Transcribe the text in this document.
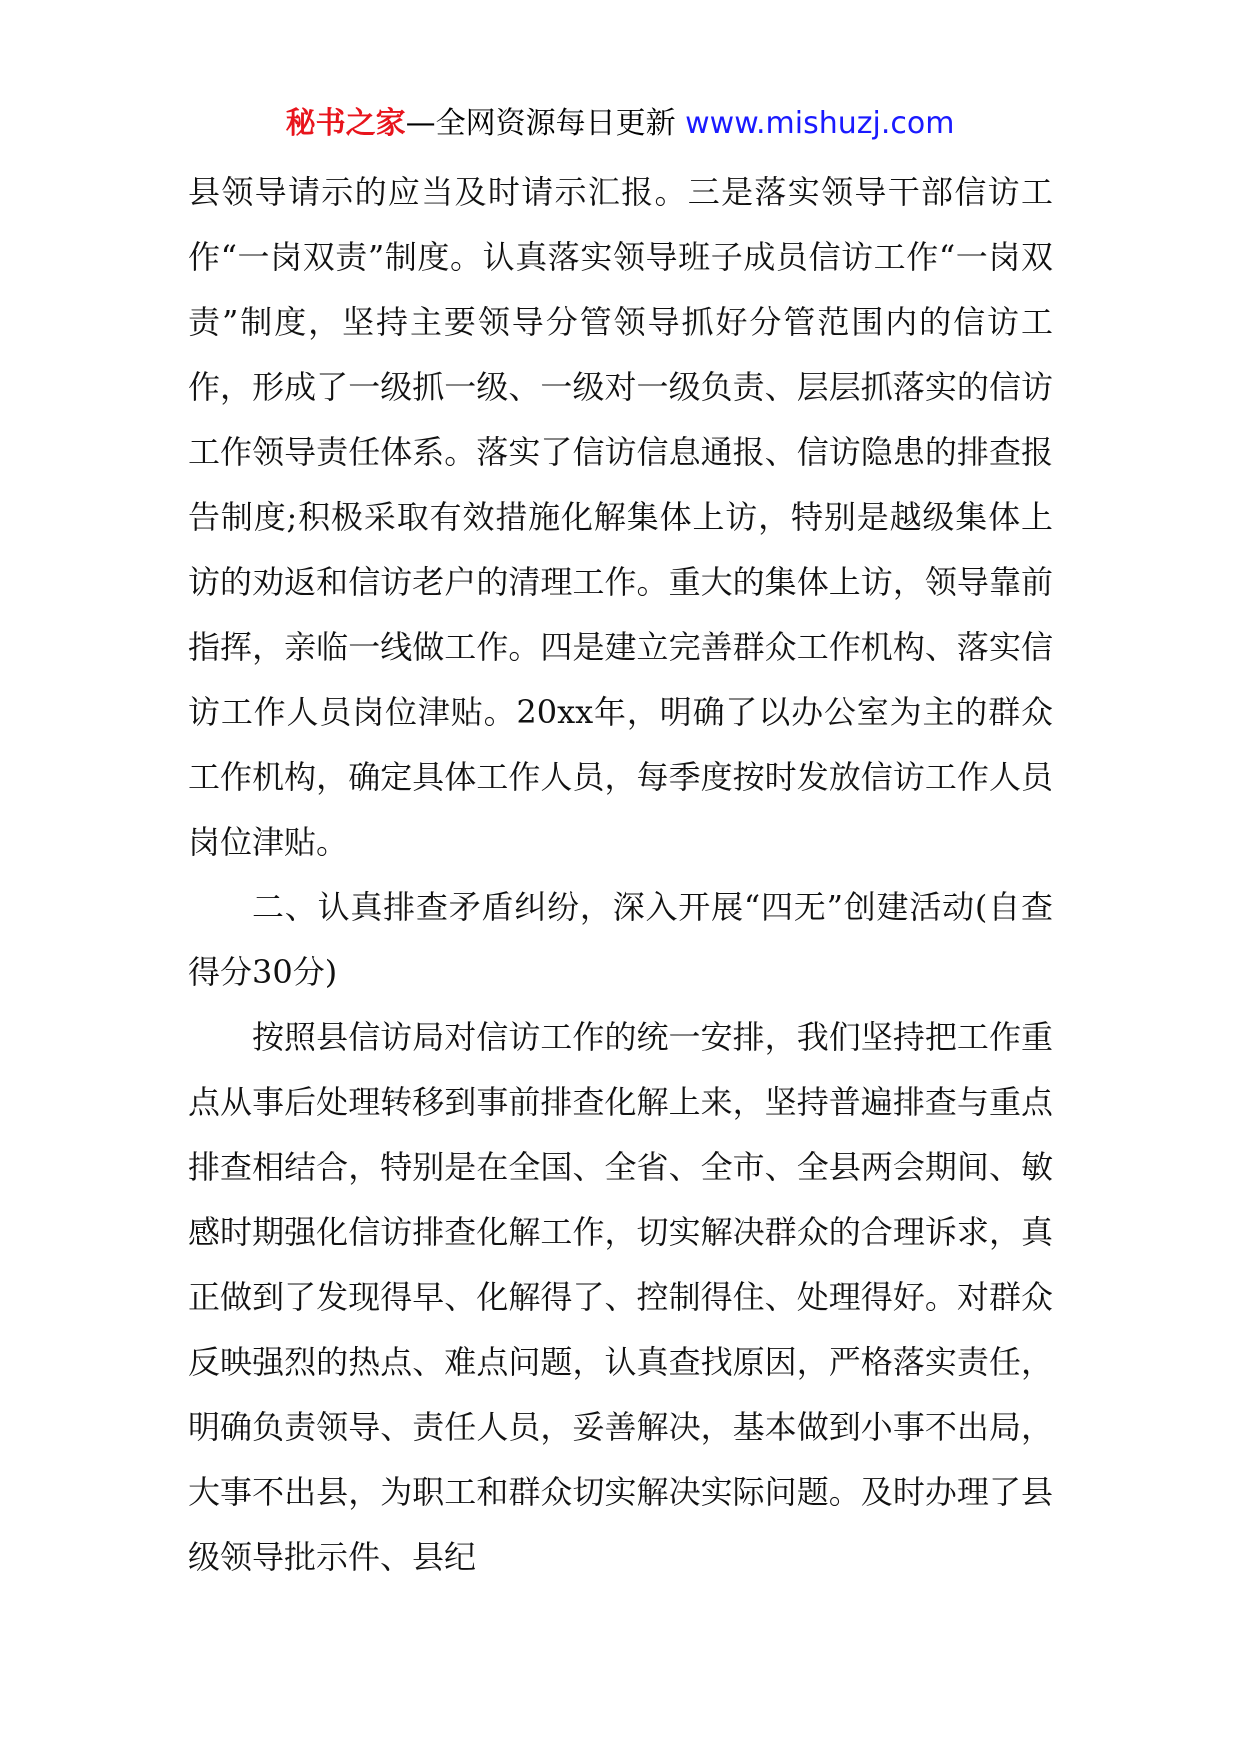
秘书之家—全网资源每日更新 www.mishuzj.com

县领导请示的应当及时请示汇报。三是落实领导干部信访工作“一岗双责”制度。认真落实领导班子成员信访工作“一岗双责”制度，坚持主要领导分管领导抓好分管范围内的信访工作，形成了一级抓一级、一级对一级负责、层层抓落实的信访工作领导责任体系。落实了信访信息通报、信访隐患的排查报告制度;积极采取有效措施化解集体上访，特别是越级集体上访的劝返和信访老户的清理工作。重大的集体上访，领导靠前指挥，亲临一线做工作。四是建立完善群众工作机构、落实信访工作人员岗位津贴。20xx年，明确了以办公室为主的群众工作机构，确定具体工作人员，每季度按时发放信访工作人员岗位津贴。

二、认真排查矛盾纠纷，深入开展“四无”创建活动(自查得分30分)

按照县信访局对信访工作的统一安排，我们坚持把工作重点从事后处理转移到事前排查化解上来，坚持普遍排查与重点排查相结合，特别是在全国、全省、全市、全县两会期间、敏感时期强化信访排查化解工作，切实解决群众的合理诉求，真正做到了发现得早、化解得了、控制得住、处理得好。对群众反映强烈的热点、难点问题，认真查找原因，严格落实责任，明确负责领导、责任人员，妥善解决，基本做到小事不出局，大事不出县，为职工和群众切实解决实际问题。及时办理了县级领导批示件、县纪
